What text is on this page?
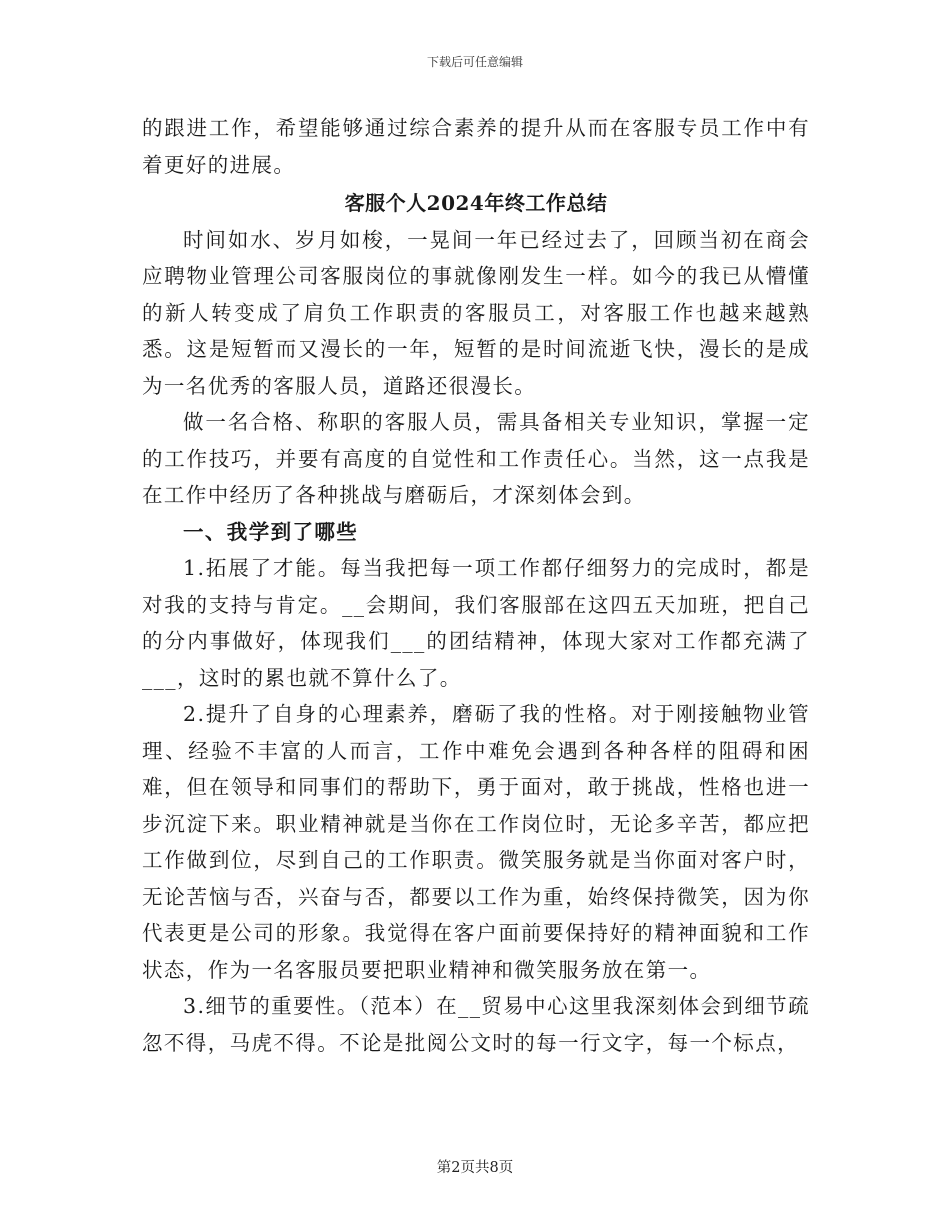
下载后可任意编辑

的跟进工作，希望能够通过综合素养的提升从而在客服专员工作中有着更好的进展。

客服个人2024年终工作总结

时间如水、岁月如梭，一晃间一年已经过去了，回顾当初在商会应聘物业管理公司客服岗位的事就像刚发生一样。如今的我已从懵懂的新人转变成了肩负工作职责的客服员工，对客服工作也越来越熟悉。这是短暂而又漫长的一年，短暂的是时间流逝飞快，漫长的是成为一名优秀的客服人员，道路还很漫长。

做一名合格、称职的客服人员，需具备相关专业知识，掌握一定的工作技巧，并要有高度的自觉性和工作责任心。当然，这一点我是在工作中经历了各种挑战与磨砺后，才深刻体会到。

一、我学到了哪些

1.拓展了才能。每当我把每一项工作都仔细努力的完成时，都是对我的支持与肯定。__会期间，我们客服部在这四五天加班，把自己的分内事做好，体现我们___的团结精神，体现大家对工作都充满了___，这时的累也就不算什么了。

2.提升了自身的心理素养，磨砺了我的性格。对于刚接触物业管理、经验不丰富的人而言，工作中难免会遇到各种各样的阻碍和困难，但在领导和同事们的帮助下，勇于面对，敢于挑战，性格也进一步沉淀下来。职业精神就是当你在工作岗位时，无论多辛苦，都应把工作做到位，尽到自己的工作职责。微笑服务就是当你面对客户时，无论苦恼与否，兴奋与否，都要以工作为重，始终保持微笑，因为你代表更是公司的形象。我觉得在客户面前要保持好的精神面貌和工作状态，作为一名客服员要把职业精神和微笑服务放在第一。

3.细节的重要性。（范本）在__贸易中心这里我深刻体会到细节疏忽不得，马虎不得。不论是批阅公文时的每一行文字，每一个标点，

第2页共8页
